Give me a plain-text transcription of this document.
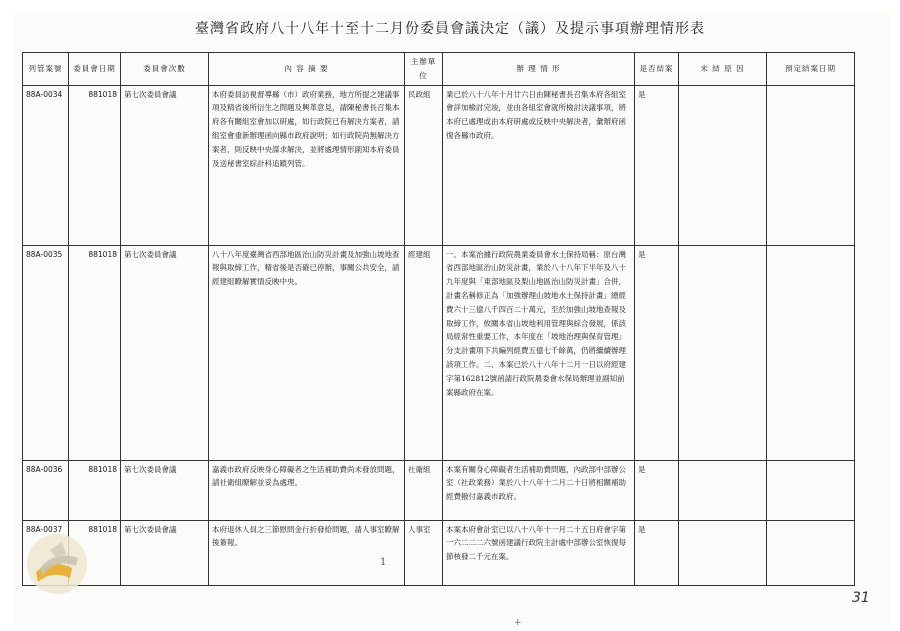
臺灣省政府八十八年十至十二月份委員會議決定（議）及提示事項辦理情形表
列管案號	委員會日期	委員會次數	內 容 摘 要	主辦單位	辦 理 情 形	是否結案	未 結 原 因	預定結案日期
88A-0034	881018	第七次委員會議	本府委員訪視督導縣（市）政府業務，地方所提之建議事項及精省後所衍生之問題及興革意見，請陳秘書長召集本府各有關組室會加以研處，如行政院已有解決方案者，請組室會重新辦理函向縣市政府說明；如行政院尚無解決方案者，則反映中央謀求解決，並將處理情形副知本府委員及送秘書室綜計科追蹤列管。	民政組	業已於八十八年十月廿六日由陳秘書長召集本府各組室會詳加檢討完竣，並由各組室會就所檢討決議事項，將本府已處理或由本府研處或反映中央解決者，彙辦府函復各縣市政府。	是		
88A-0035	881018	第七次委員會議	八十八年度臺灣省西部地區治山防災計畫及加強山坡地查報與取締工作，精省後是否確已停辦，事關公共安全，請經建組瞭解實情反映中央。	經建組	一、本案治據行政院農業委員會水土保持局稱：原台灣省西部地區治山防災計畫，業於八十八年下半年及八十九年度與「東部地區及梨山地區治山防災計畫」合併，計畫名稱修正為「加強辦理山坡地水土保持計畫」總經費六十三億八千四百二十萬元，至於加強山坡地查報及取締工作，攸關本省山坡地利用管理與綜合發展，係該局經常性重要工作，本年度在「坡地治理與保育管理」分支計畫項下共編列經費五億七千餘萬，仍將繼續辦理該項工作。二、本案已於八十八年十二月一日以府經建字第162812號函請行政院農委會水保局辦理並副知前案縣政府在案。	是		
88A-0036	881018	第七次委員會議	嘉義市政府反映身心障礙者之生活補助費尚未發放問題，請社衛組瞭解並妥為處理。	社衛組	本案有關身心障礙者生活補助費問題，內政部中部辦公室（社政業務）業於八十八年十二月二十日將相關補助經費撥付嘉義市政府。	是		
88A-0037	881018	第七次委員會議	本府退休人員之三節慰問金行折發給問題，請人事室瞭解後簽報。	人事室	本案本府會計室已以八十八年十一月二十五日府會字第一六二二二六號函建議行政院主計處中部辦公室恢復每節核發二千元在案。	是		
1
+
31
